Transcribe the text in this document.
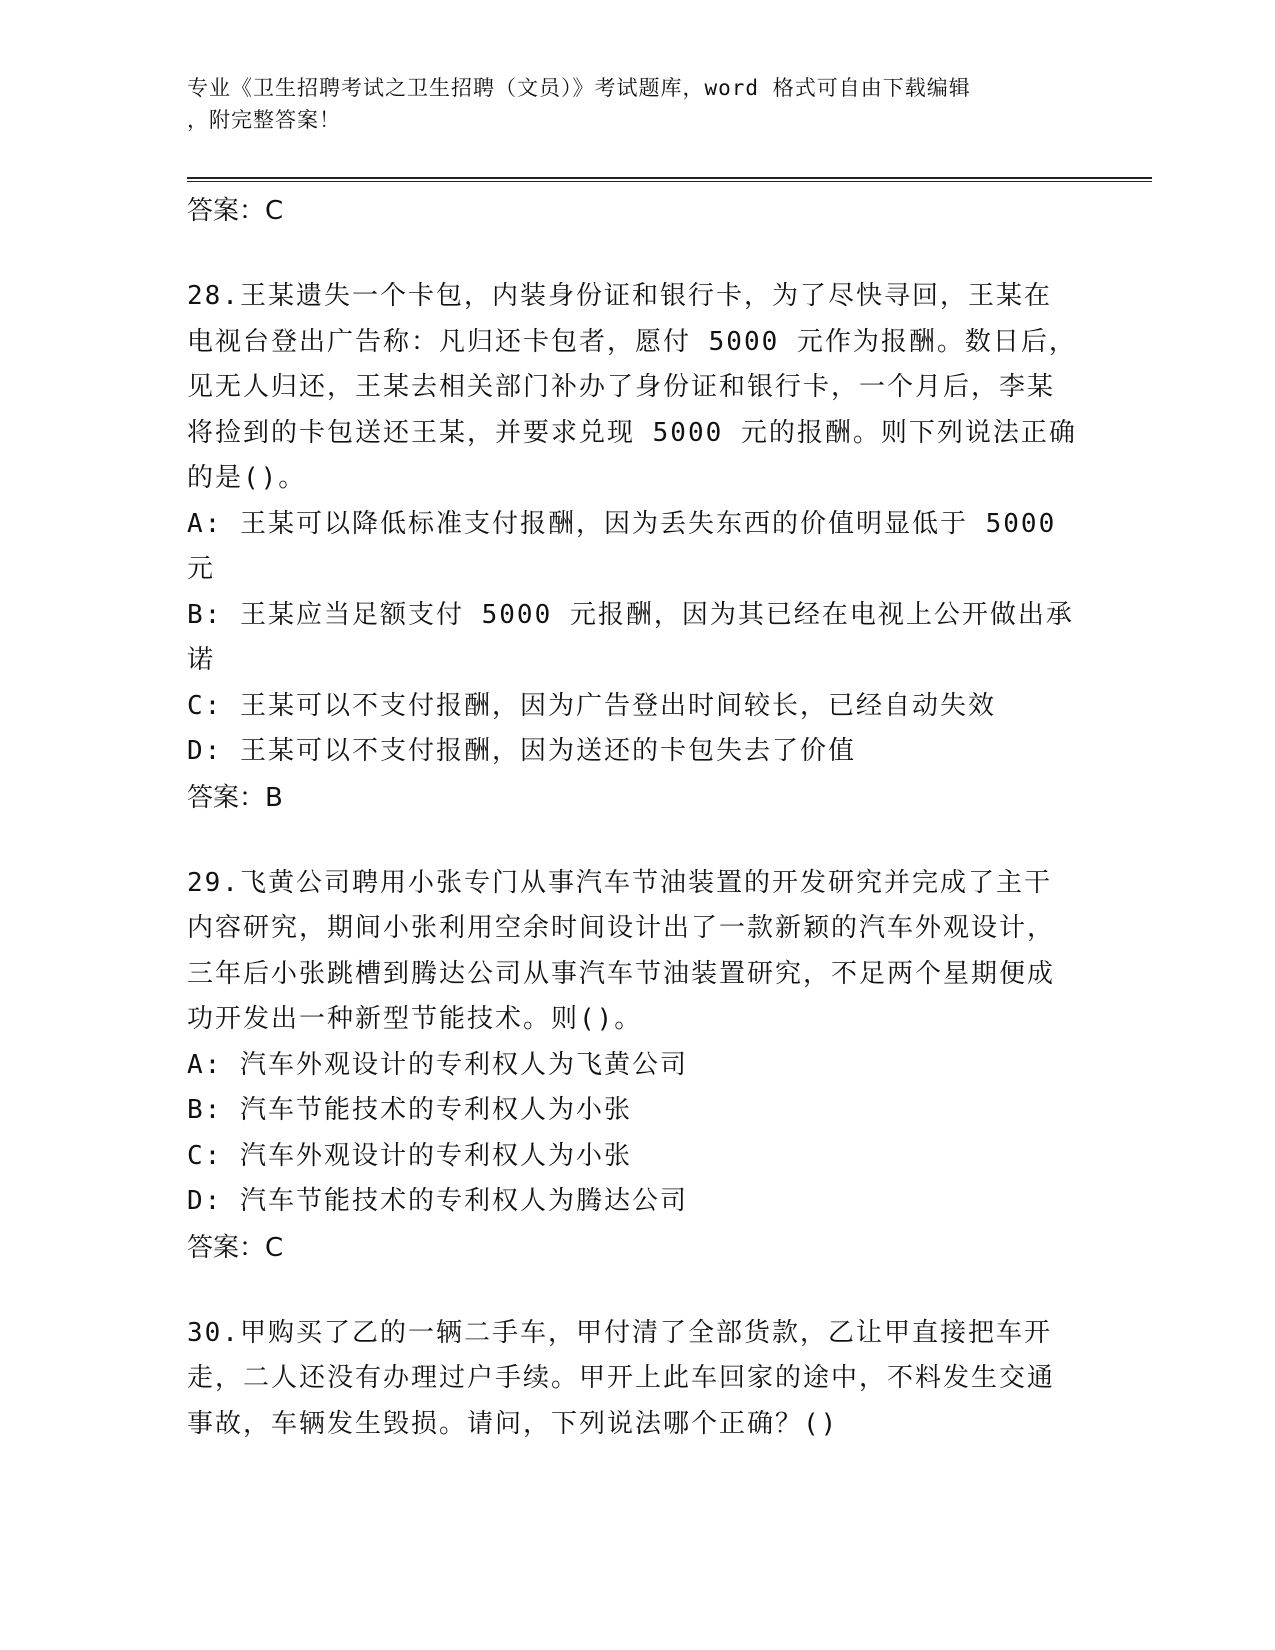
专业《卫生招聘考试之卫生招聘（文员）》考试题库，word 格式可自由下载编辑
，附完整答案！
答案：C

28.王某遗失一个卡包，内装身份证和银行卡，为了尽快寻回，王某在电视台登出广告称：凡归还卡包者，愿付 5000 元作为报酬。数日后，见无人归还，王某去相关部门补办了身份证和银行卡，一个月后，李某将捡到的卡包送还王某，并要求兑现 5000 元的报酬。则下列说法正确的是()。

A: 王某可以降低标准支付报酬，因为丢失东西的价值明显低于 5000 元

B: 王某应当足额支付 5000 元报酬，因为其已经在电视上公开做出承诺

C: 王某可以不支付报酬，因为广告登出时间较长，已经自动失效

D: 王某可以不支付报酬，因为送还的卡包失去了价值

答案：B

29.飞黄公司聘用小张专门从事汽车节油装置的开发研究并完成了主干内容研究，期间小张利用空余时间设计出了一款新颖的汽车外观设计，三年后小张跳槽到腾达公司从事汽车节油装置研究，不足两个星期便成功开发出一种新型节能技术。则()。

A: 汽车外观设计的专利权人为飞黄公司

B: 汽车节能技术的专利权人为小张

C: 汽车外观设计的专利权人为小张

D: 汽车节能技术的专利权人为腾达公司

答案：C

30.甲购买了乙的一辆二手车，甲付清了全部货款，乙让甲直接把车开走，二人还没有办理过户手续。甲开上此车回家的途中，不料发生交通事故，车辆发生毁损。请问，下列说法哪个正确？()
